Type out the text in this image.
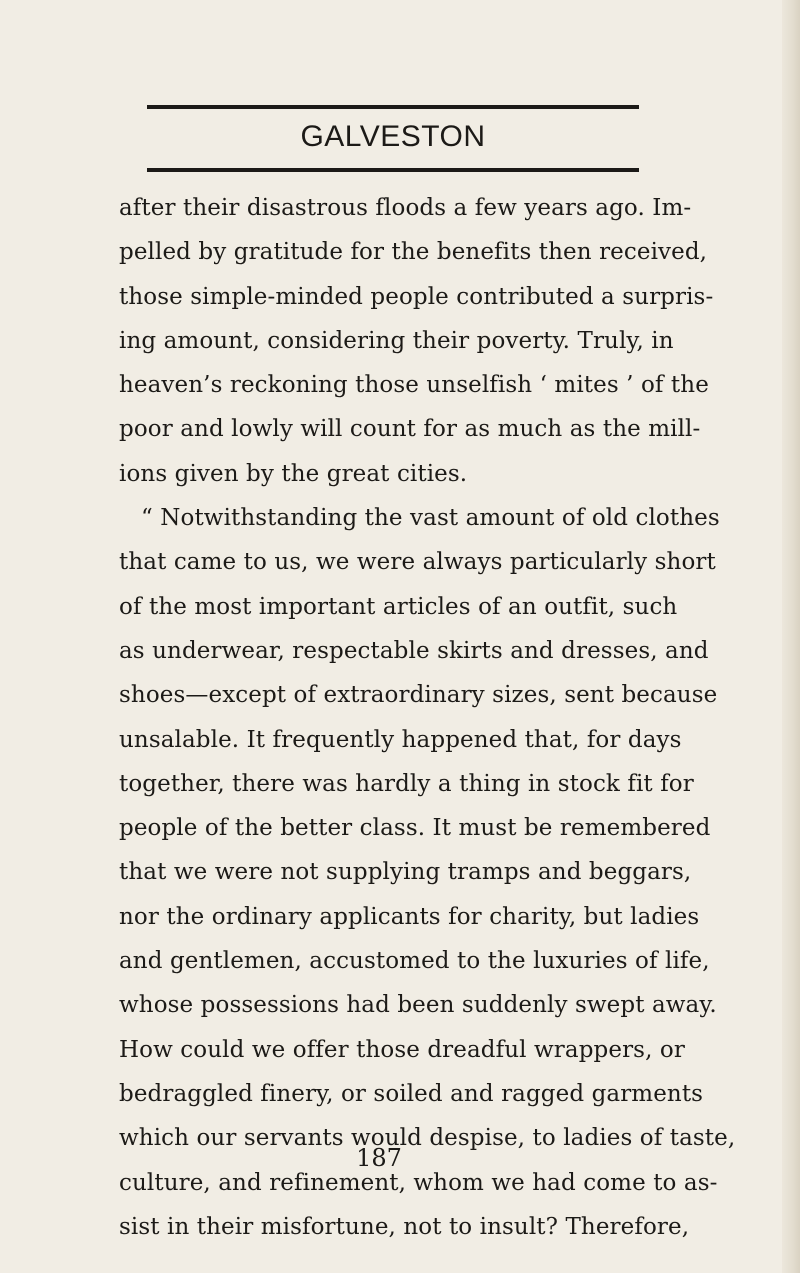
GALVESTON
after their disastrous floods a few years ago. Im-
pelled by gratitude for the benefits then received,
those simple-minded people contributed a surpris-
ing amount, considering their poverty. Truly, in
heaven’s reckoning those unselfish ‘ mites ’ of the
poor and lowly will count for as much as the mill-
ions given by the great cities.
“ Notwithstanding the vast amount of old clothes
that came to us, we were always particularly short
of the most important articles of an outfit, such
as underwear, respectable skirts and dresses, and
shoes—except of extraordinary sizes, sent because
unsalable. It frequently happened that, for days
together, there was hardly a thing in stock fit for
people of the better class. It must be remembered
that we were not supplying tramps and beggars,
nor the ordinary applicants for charity, but ladies
and gentlemen, accustomed to the luxuries of life,
whose possessions had been suddenly swept away.
How could we offer those dreadful wrappers, or
bedraggled finery, or soiled and ragged garments
which our servants would despise, to ladies of taste,
culture, and refinement, whom we had come to as-
sist in their misfortune, not to insult? Therefore,
187
